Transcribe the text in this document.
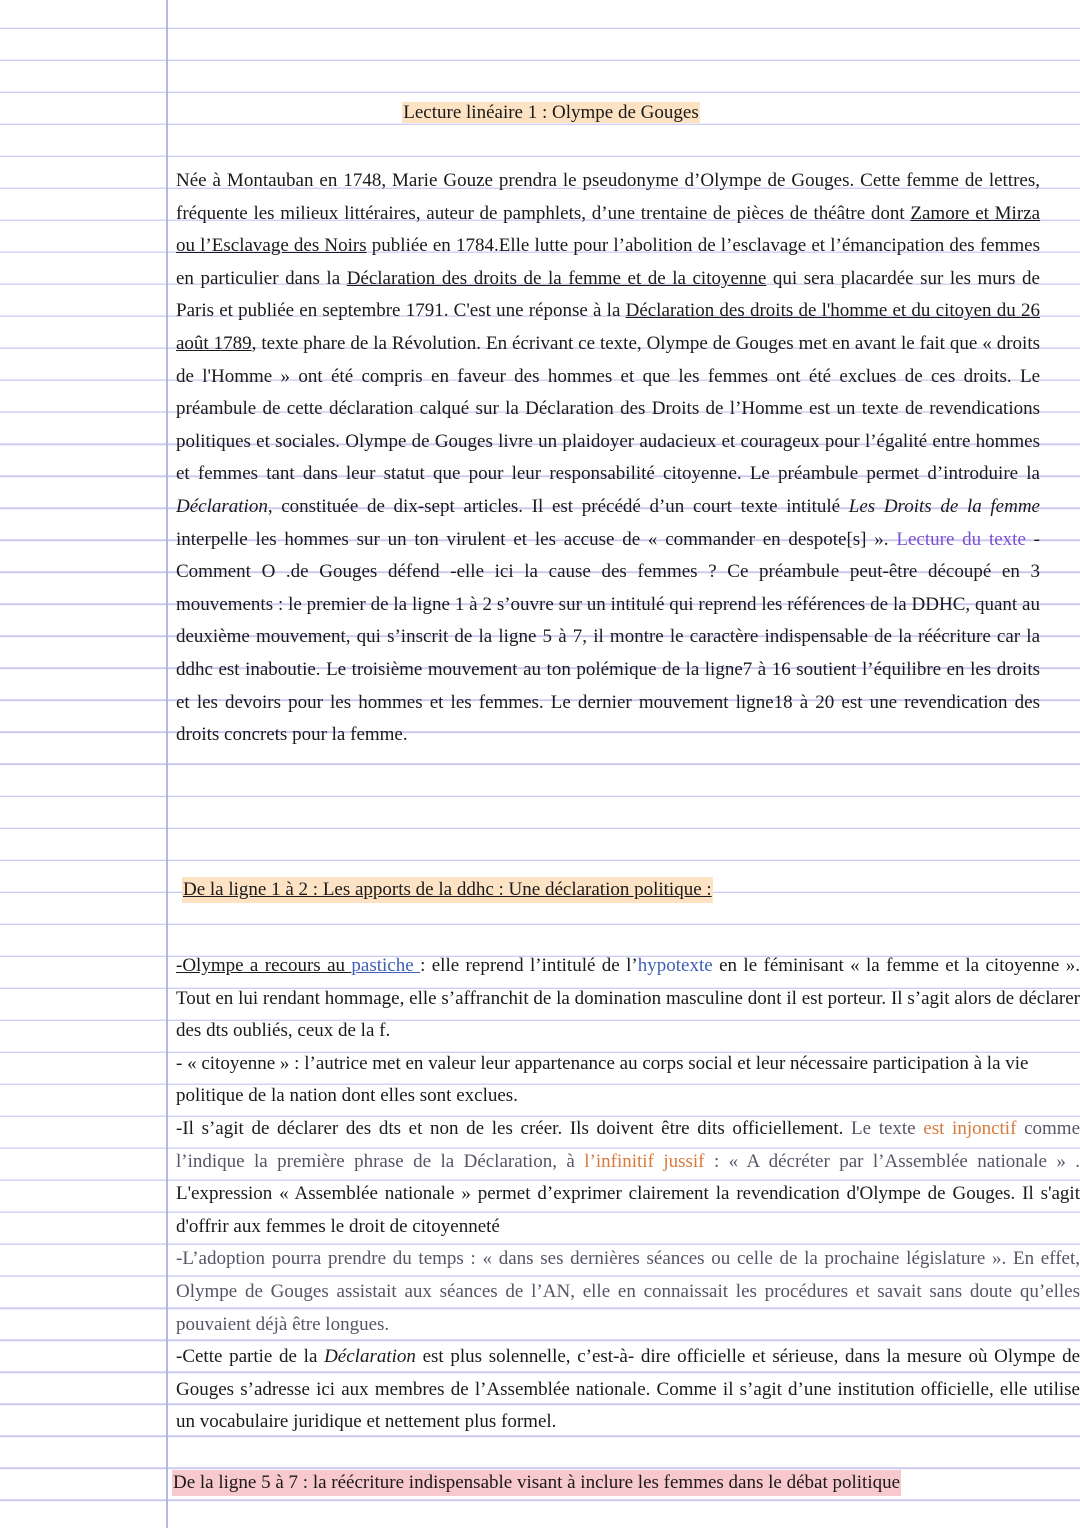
Lecture linéaire 1 : Olympe de Gouges

Née à Montauban en 1748, Marie Gouze prendra le pseudonyme d’Olympe de Gouges. Cette femme de lettres, fréquente les milieux littéraires, auteur de pamphlets, d’une trentaine de pièces de théâtre dont Zamore et Mirza ou l’Esclavage des Noirs publiée en 1784.Elle lutte pour l’abolition de l’esclavage et l’émancipation des femmes en particulier dans la Déclaration des droits de la femme et de la citoyenne qui sera placardée sur les murs de Paris et publiée en septembre 1791. C'est une réponse à la Déclaration des droits de l'homme et du citoyen du 26 août 1789, texte phare de la Révolution. En écrivant ce texte, Olympe de Gouges met en avant le fait que « droits de l'Homme » ont été compris en faveur des hommes et que les femmes ont été exclues de ces droits. Le préambule de cette déclaration calqué sur la Déclaration des Droits de l’Homme est un texte de revendications politiques et sociales. Olympe de Gouges livre un plaidoyer audacieux et courageux pour l’égalité entre hommes et femmes tant dans leur statut que pour leur responsabilité citoyenne. Le préambule permet d’introduire la Déclaration, constituée de dix-sept articles. Il est précédé d’un court texte intitulé Les Droits de la femme interpelle les hommes sur un ton virulent et les accuse de « commander en despote[s] ». Lecture du texte - Comment O .de Gouges défend -elle ici la cause des femmes ? Ce préambule peut-être découpé en 3 mouvements : le premier de la ligne 1 à 2 s’ouvre sur un intitulé qui reprend les références de la DDHC, quant au deuxième mouvement, qui s’inscrit de la ligne 5 à 7, il montre le caractère indispensable de la réécriture car la ddhc est inaboutie. Le troisième mouvement au ton polémique de la ligne7 à 16 soutient l’équilibre en les droits et les devoirs pour les hommes et les femmes. Le dernier mouvement ligne18 à 20 est une revendication des droits concrets pour la femme.

De la ligne 1 à 2 : Les apports de la ddhc : Une déclaration politique :

-Olympe a recours au pastiche : elle reprend l’intitulé de l’hypotexte en le féminisant « la femme et la citoyenne ». Tout en lui rendant hommage, elle s’affranchit de la domination masculine dont il est porteur. Il s’agit alors de déclarer des dts oubliés, ceux de la f.

- « citoyenne » : l’autrice met en valeur leur appartenance au corps social et leur nécessaire participation à la vie politique de la nation dont elles sont exclues.

-Il s’agit de déclarer des dts et non de les créer. Ils doivent être dits officiellement. Le texte est injonctif comme l’indique la première phrase de la Déclaration, à l’infinitif jussif : « A décréter par l’Assemblée nationale » . L'expression « Assemblée nationale » permet d’exprimer clairement la revendication d'Olympe de Gouges. Il s'agit d'offrir aux femmes le droit de citoyenneté

-L’adoption pourra prendre du temps : « dans ses dernières séances ou celle de la prochaine législature ». En effet, Olympe de Gouges assistait aux séances de l’AN, elle en connaissait les procédures et savait sans doute qu’elles pouvaient déjà être longues.

-Cette partie de la Déclaration est plus solennelle, c’est-à- dire officielle et sérieuse, dans la mesure où Olympe de Gouges s’adresse ici aux membres de l’Assemblée nationale. Comme il s’agit d’une institution officielle, elle utilise un vocabulaire juridique et nettement plus formel.

De la ligne 5 à 7 : la réécriture indispensable visant à inclure les femmes dans le débat politique
